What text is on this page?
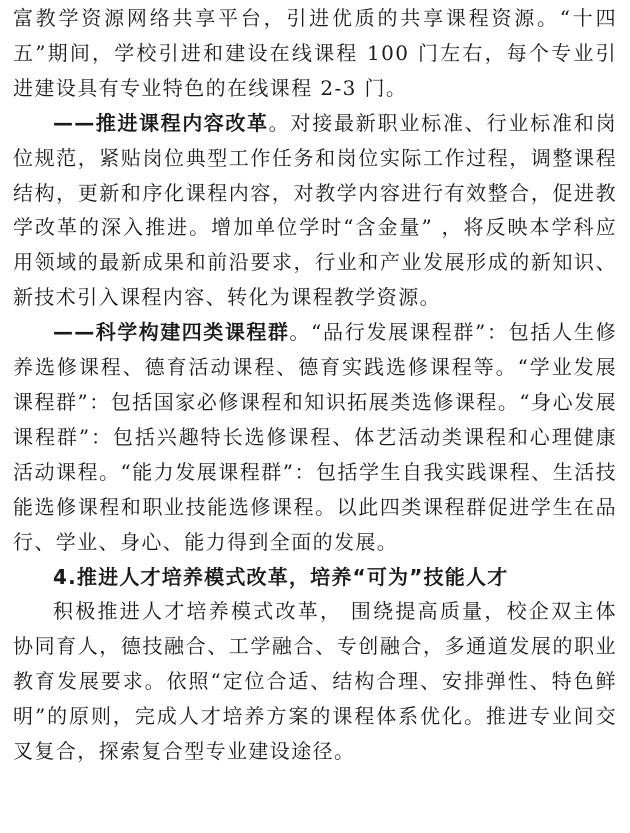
富教学资源网络共享平台，引进优质的共享课程资源。“十四五”期间，学校引进和建设在线课程 100 门左右，每个专业引进建设具有专业特色的在线课程 2-3 门。

——推进课程内容改革。对接最新职业标准、行业标准和岗位规范，紧贴岗位典型工作任务和岗位实际工作过程，调整课程结构，更新和序化课程内容，对教学内容进行有效整合，促进教学改革的深入推进。增加单位学时“含金量” ，将反映本学科应用领域的最新成果和前沿要求，行业和产业发展形成的新知识、新技术引入课程内容、转化为课程教学资源。

——科学构建四类课程群。“品行发展课程群”：包括人生修养选修课程、德育活动课程、德育实践选修课程等。“学业发展课程群”：包括国家必修课程和知识拓展类选修课程。“身心发展课程群”：包括兴趣特长选修课程、体艺活动类课程和心理健康活动课程。“能力发展课程群”：包括学生自我实践课程、生活技能选修课程和职业技能选修课程。以此四类课程群促进学生在品行、学业、身心、能力得到全面的发展。

4.推进人才培养模式改革，培养“可为”技能人才

积极推进人才培养模式改革， 围绕提高质量，校企双主体协同育人，德技融合、工学融合、专创融合，多通道发展的职业教育发展要求。依照“定位合适、结构合理、安排弹性、特色鲜明”的原则，完成人才培养方案的课程体系优化。推进专业间交叉复合，探索复合型专业建设途径。
